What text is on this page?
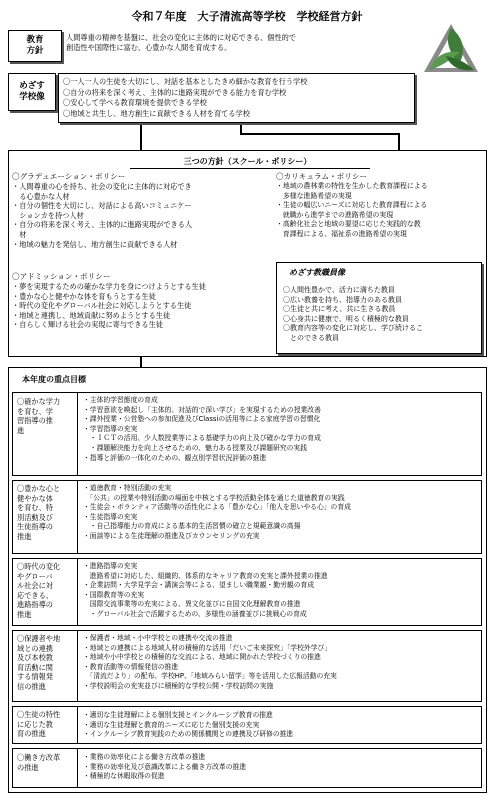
令和７年度　大子清流高等学校　学校経営方針
教育
方針
人間尊重の精神を基盤に、社会の変化に主体的に対応できる、個性的で
創造性や国際性に富む、心豊かな人間を育成する。
めざす
学校像
〇一人一人の生徒を大切にし、対話を基本としたきめ細かな教育を行う学校
〇自分の将来を深く考え、主体的に進路実現ができる能力を育む学校
〇安心して学べる教育環境を提供できる学校
〇地域と共生し、地方創生に貢献できる人材を育てる学校
三つの方針（スクール・ポリシー）
〇グラデュエーション・ポリシー
・人間尊重の心を持ち、社会の変化に主体的に対応でき
　る心豊かな人材
・自分の個性を大切にし、対話による高いコミュニケー
　ションカを持つ人材
・自分の将来を深く考え、主体的に進路実現ができる人
　材
・地域の魅力を発信し、地方創生に貢献できる人材
〇カリキュラム・ポリシー
・地域の農林業の特性を生かした教育課程による
　多様な進路希望の実現
・生徒の幅広いニーズに対応した教育課程による
　就職から進学までの進路希望の実現
・高齢化社会と地域の要望に応じた実践的な教
　育課程による、福祉系の進路希望の実現
〇アドミッション・ポリシー
・夢を実現するための確かな学力を身につけようとする生徒
・豊かな心と健やかな体を育もうとする生徒
・時代の変化やグローバル社会に対応しようとする生徒
・地域と連携し、地域貢献に努めようとする生徒
・自らしく輝ける社会の実現に寄与できる生徒
めざす教職員像
〇人間性豊かで、活力に満ちた教員
〇広い教養を持ち、指導力のある教員
〇生徒と共に考え、共に生きる教員
〇心身共に健康で、明るく積極的な教員
〇教育内容等の変化に対応し、学び続けるこ
　とのできる教員
本年度の重点目標
〇確かな学力
を育む、学
習指導の推
進
・主体的学習態度の育成
・学習意欲を喚起し「主体的、対話的で深い学び」を実現するための授業改善
・課外授業・公営塾への参加促進及びClassiの活用等による家庭学習の習慣化
・学習指導の充実
　・ＩＣＴの活用、少人数授業等による基礎学力の向上及び確かな学力の育成
　・課題解決能力を向上させるための、魅力ある授業及び課題研究の実践
・指導と評価の一体化のための、観点別学習状況評価の推進
〇豊かな心と
健やかな体
を育む、特
別活動及び
生徒指導の
推進
・道徳教育・特別活動の充実
　「公共」の授業や特別活動の場面を中核とする学校活動全体を通じた道徳教育の実践
・生徒会・ボランティア活動等の活性化による「豊かな心」「他人を思いやる心」の育成
・生徒指導の充実
　・自己指導能力の育成による基本的生活習慣の確立と規範意識の高揚
・面談等による生徒理解の推進及びカウンセリングの充実
〇時代の変化
やグローバ
ル社会に対
応できる、
進路指導の
推進
・進路指導の充実
　進路希望に対応した、組織的、体系的なキャリア教育の充実と課外授業の推進
・企業訪問・大学見学会・講演会等による、望ましい職業観・勤労観の育成
・国際教育等の充実
　国際交流事業等の充実による、異文化並びに自国文化理解教育の推進
　・グローバル社会で活躍するための、多様性の涵養並びに挑戦心の育成
〇保護者や地
域との連携
及び本校教
育活動に関
する情報発
信の推進
・保護者・地域・小中学校との連携や交流の推進
・地域との連携による地域人材の積極的な活用「だいご未来探究」「学校外学び」
・地域や小中学校との積極的な交流による、地域に開かれた学校づくりの推進
・教育活動等の情報発信の推進
　「清流だより」の配布、学校HP、「地域みらい留学」等を活用した広報活動の充実
・学校説明会の充実並びに積極的な学校公開・学校訪問の実施
〇生徒の特性
に応じた教
育の推進
・適切な生徒理解による個別支援とインクルーシブ教育の推進
・適切な生徒理解と教育的ニーズに応じた個別支援の充実
・インクルーシブ教育実践のための関係機関との連携及び研修の推進
〇働き方改革
の推進
・業務の効率化による働き方改革の推進
・業務の効率化及び意識改革による働き方改革の推進
・積極的な休暇取得の促進
